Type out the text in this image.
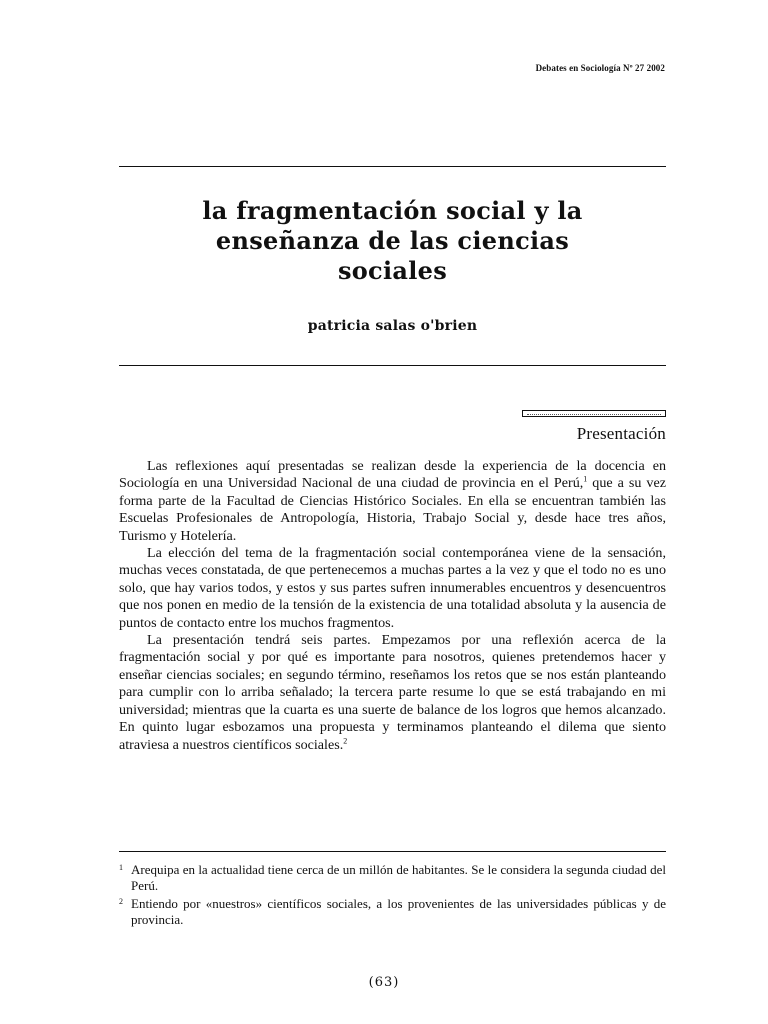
Debates en Sociología Nº 27 2002
la fragmentación social y la
enseñanza de las ciencias
sociales
patricia salas o'brien
Presentación

Las reflexiones aquí presentadas se realizan desde la experiencia de la docencia en Sociología en una Universidad Nacional de una ciudad de provincia en el Perú,$^1$ que a su vez forma parte de la Facultad de Ciencias Histórico Sociales. En ella se encuentran también las Escuelas Profesionales de Antropología, Historia, Trabajo Social y, desde hace tres años, Turismo y Hotelería.

La elección del tema de la fragmentación social contemporánea viene de la sensación, muchas veces constatada, de que pertenecemos a muchas partes a la vez y que el todo no es uno solo, que hay varios todos, y estos y sus partes sufren innumerables encuentros y desencuentros que nos ponen en medio de la tensión de la existencia de una totalidad absoluta y la ausencia de puntos de contacto entre los muchos fragmentos.

La presentación tendrá seis partes. Empezamos por una reflexión acerca de la fragmentación social y por qué es importante para nosotros, quienes pretendemos hacer y enseñar ciencias sociales; en segundo término, reseñamos los retos que se nos están planteando para cumplir con lo arriba señalado; la tercera parte resume lo que se está trabajando en mi universidad; mientras que la cuarta es una suerte de balance de los logros que hemos alcanzado. En quinto lugar esbozamos una propuesta y terminamos planteando el dilema que siento atraviesa a nuestros científicos sociales.$^2$

1 Arequipa en la actualidad tiene cerca de un millón de habitantes. Se le considera la segunda ciudad del Perú.
2 Entiendo por «nuestros» científicos sociales, a los provenientes de las universidades públicas y de provincia.
(63)
